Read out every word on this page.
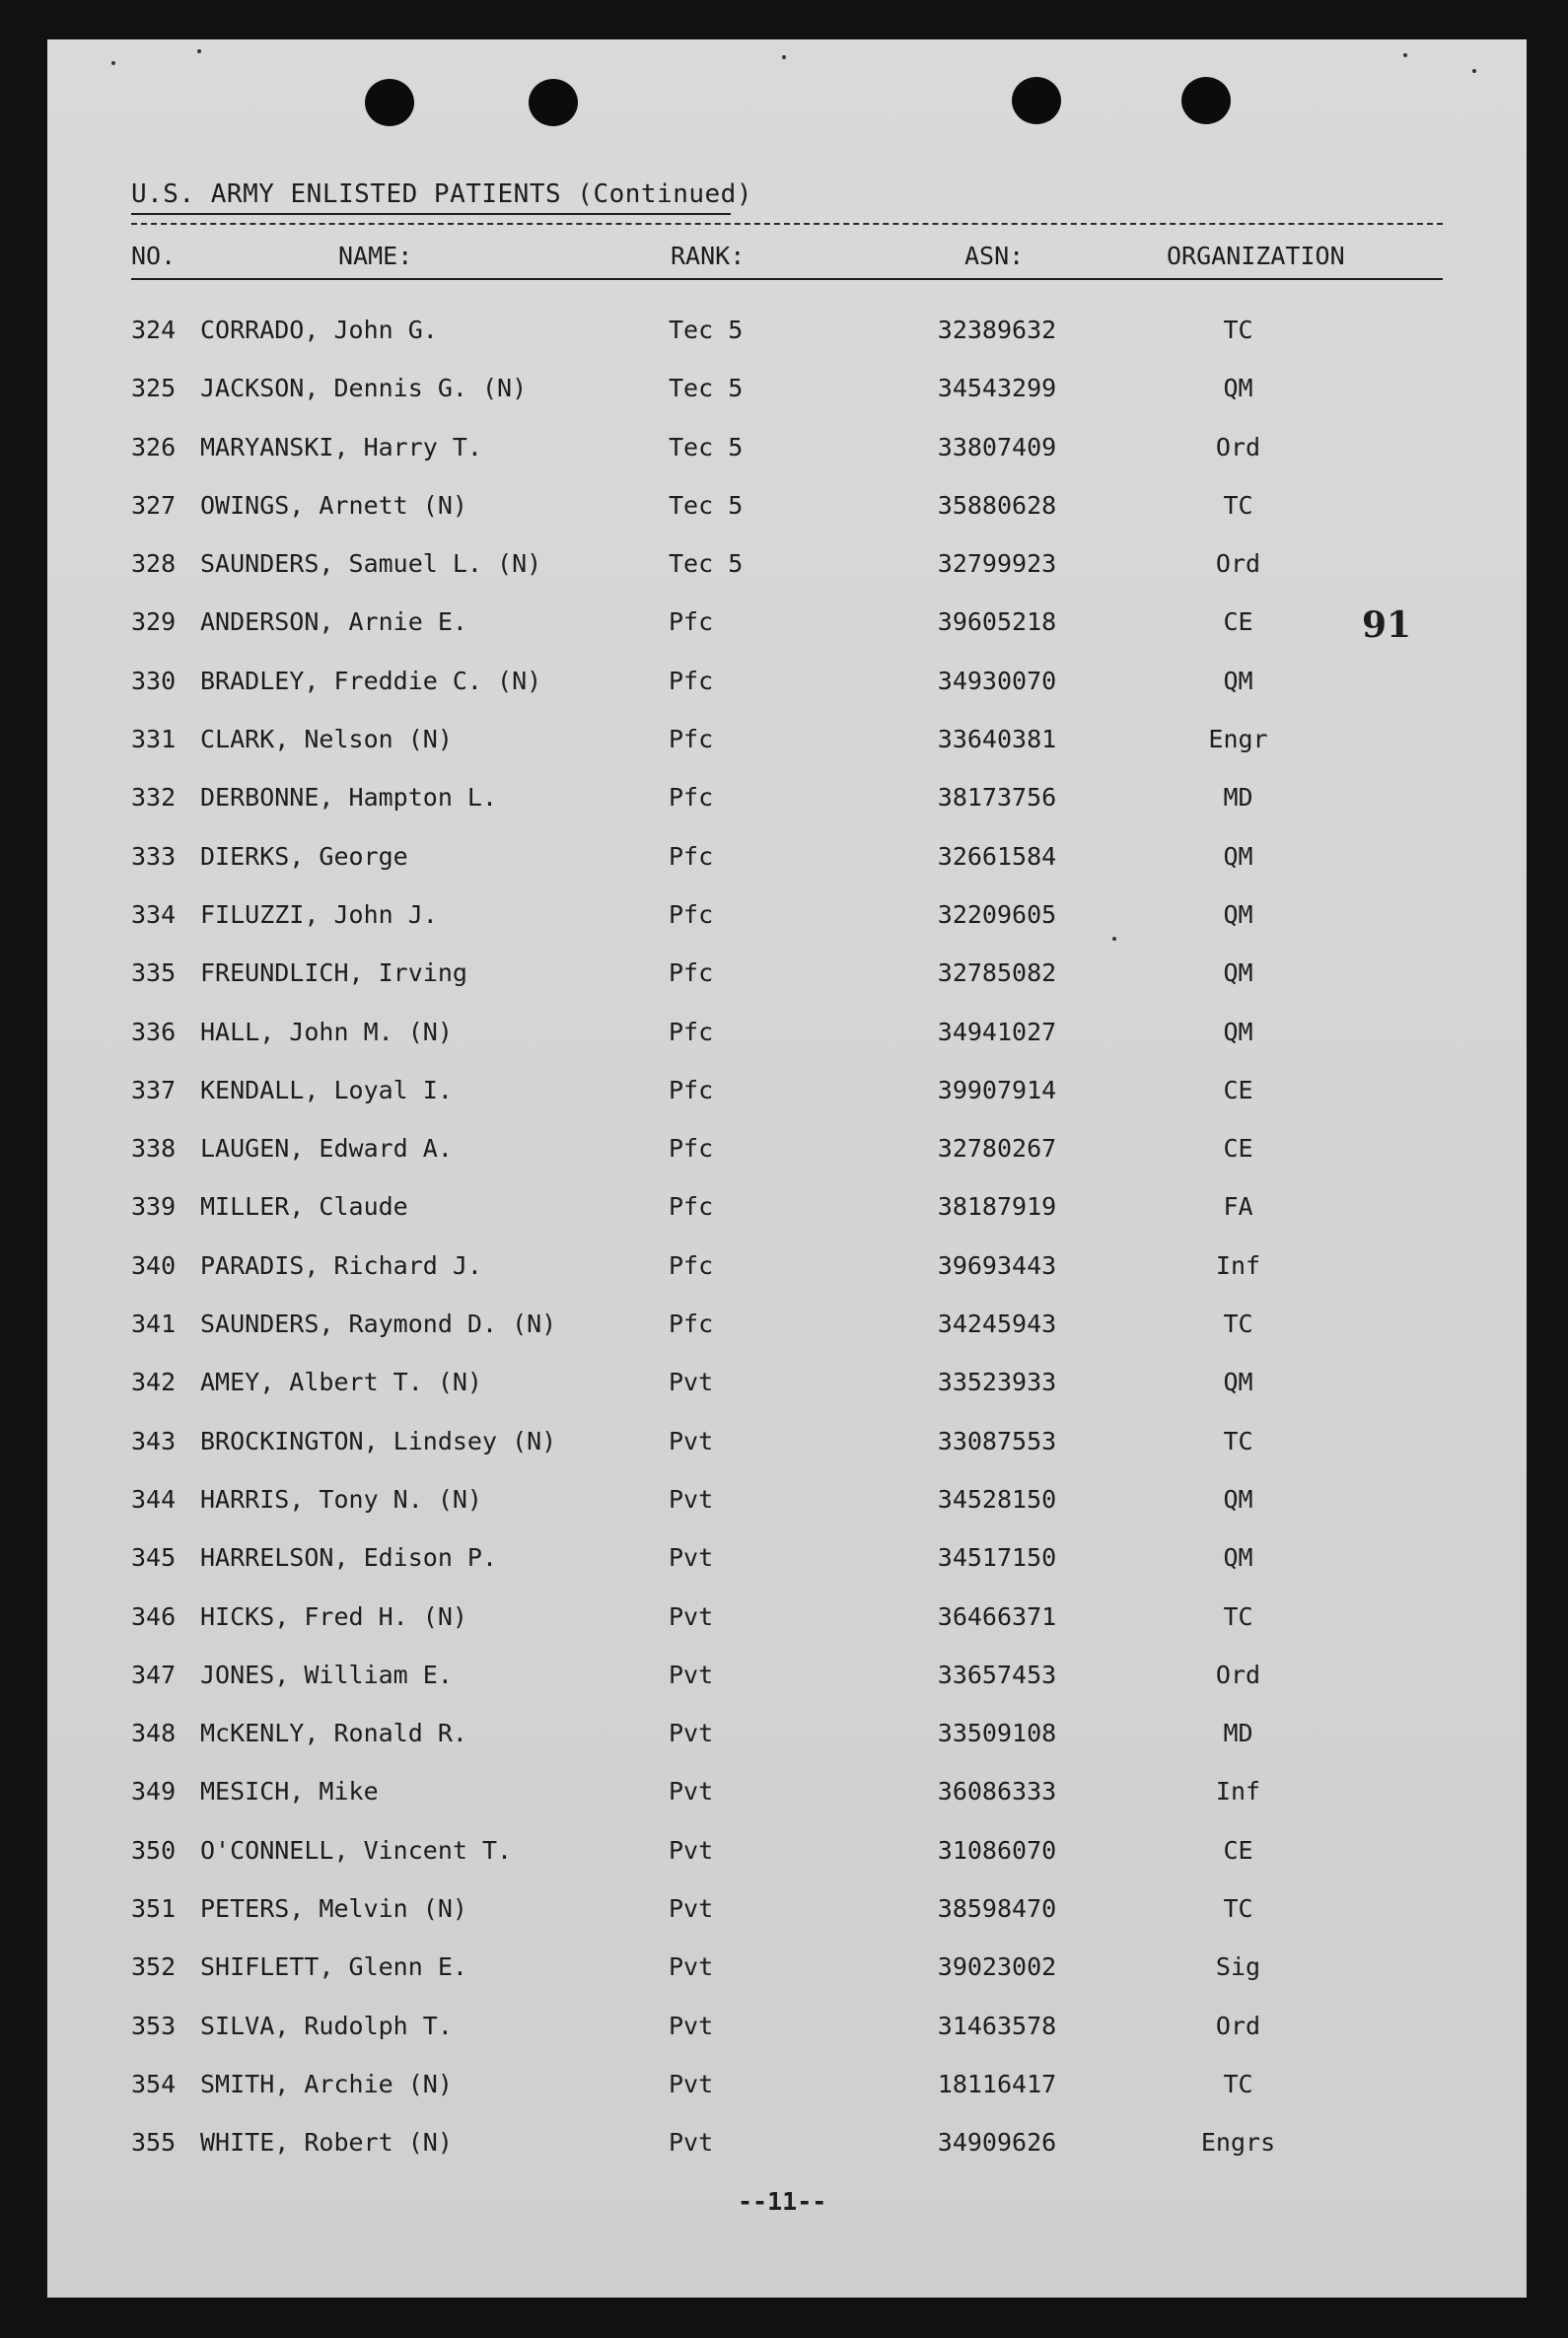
U.S. ARMY ENLISTED PATIENTS (Continued)
NO.	NAME:	RANK:	ASN:	ORGANIZATION
324 CORRADO, John G.	Tec 5	32389632	TC
325 JACKSON, Dennis G. (N)	Tec 5	34543299	QM
326 MARYANSKI, Harry T.	Tec 5	33807409	Ord
327 OWINGS, Arnett (N)	Tec 5	35880628	TC
328 SAUNDERS, Samuel L. (N)	Tec 5	32799923	Ord
329 ANDERSON, Arnie E.	Pfc	39605218	CE
330 BRADLEY, Freddie C. (N)	Pfc	34930070	QM
331 CLARK, Nelson (N)	Pfc	33640381	Engr
332 DERBONNE, Hampton L.	Pfc	38173756	MD
333 DIERKS, George	Pfc	32661584	QM
334 FILUZZI, John J.	Pfc	32209605	QM
335 FREUNDLICH, Irving	Pfc	32785082	QM
336 HALL, John M. (N)	Pfc	34941027	QM
337 KENDALL, Loyal I.	Pfc	39907914	CE
338 LAUGEN, Edward A.	Pfc	32780267	CE
339 MILLER, Claude	Pfc	38187919	FA
340 PARADIS, Richard J.	Pfc	39693443	Inf
341 SAUNDERS, Raymond D. (N)	Pfc	34245943	TC
342 AMEY, Albert T. (N)	Pvt	33523933	QM
343 BROCKINGTON, Lindsey (N)	Pvt	33087553	TC
344 HARRIS, Tony N. (N)	Pvt	34528150	QM
345 HARRELSON, Edison P.	Pvt	34517150	QM
346 HICKS, Fred H. (N)	Pvt	36466371	TC
347 JONES, William E.	Pvt	33657453	Ord
348 McKENLY, Ronald R.	Pvt	33509108	MD
349 MESICH, Mike	Pvt	36086333	Inf
350 O'CONNELL, Vincent T.	Pvt	31086070	CE
351 PETERS, Melvin (N)	Pvt	38598470	TC
352 SHIFLETT, Glenn E.	Pvt	39023002	Sig
353 SILVA, Rudolph T.	Pvt	31463578	Ord
354 SMITH, Archie (N)	Pvt	18116417	TC
355 WHITE, Robert (N)	Pvt	34909626	Engrs
91
--11--
